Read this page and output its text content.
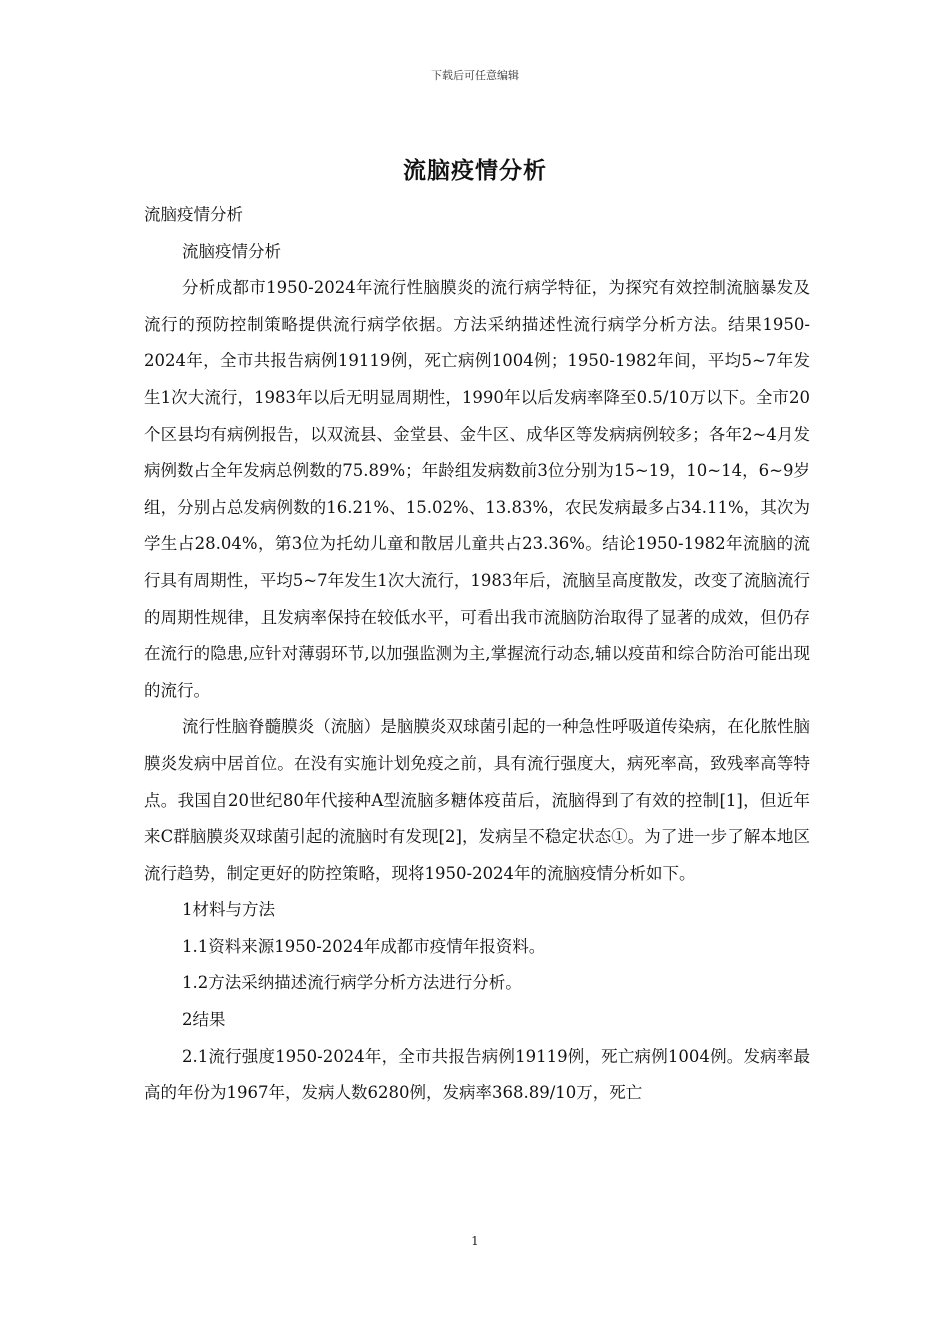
下载后可任意编辑
流脑疫情分析

流脑疫情分析

流脑疫情分析

分析成都市1950-2024年流行性脑膜炎的流行病学特征，为探究有效控制流脑暴发及流行的预防控制策略提供流行病学依据。方法采纳描述性流行病学分析方法。结果1950-2024年，全市共报告病例19119例，死亡病例1004例；1950-1982年间，平均5~7年发生1次大流行，1983年以后无明显周期性，1990年以后发病率降至0.5/10万以下。全市20个区县均有病例报告，以双流县、金堂县、金牛区、成华区等发病病例较多；各年2~4月发病例数占全年发病总例数的75.89%；年龄组发病数前3位分别为15~19，10~14，6~9岁组，分别占总发病例数的16.21%、15.02%、13.83%，农民发病最多占34.11%，其次为学生占28.04%，第3位为托幼儿童和散居儿童共占23.36%。结论1950-1982年流脑的流行具有周期性，平均5~7年发生1次大流行，1983年后，流脑呈高度散发，改变了流脑流行的周期性规律，且发病率保持在较低水平，可看出我市流脑防治取得了显著的成效，但仍存在流行的隐患,应针对薄弱环节,以加强监测为主,掌握流行动态,辅以疫苗和综合防治可能出现的流行。

流行性脑脊髓膜炎（流脑）是脑膜炎双球菌引起的一种急性呼吸道传染病，在化脓性脑膜炎发病中居首位。在没有实施计划免疫之前，具有流行强度大，病死率高，致残率高等特点。我国自20世纪80年代接种A型流脑多糖体疫苗后，流脑得到了有效的控制[1]，但近年来C群脑膜炎双球菌引起的流脑时有发现[2]，发病呈不稳定状态①。为了进一步了解本地区流行趋势，制定更好的防控策略，现将1950-2024年的流脑疫情分析如下。

1材料与方法

1.1资料来源1950-2024年成都市疫情年报资料。

1.2方法采纳描述流行病学分析方法进行分析。

2结果

2.1流行强度1950-2024年，全市共报告病例19119例，死亡病例1004例。发病率最高的年份为1967年，发病人数6280例，发病率368.89/10万，死亡

1
